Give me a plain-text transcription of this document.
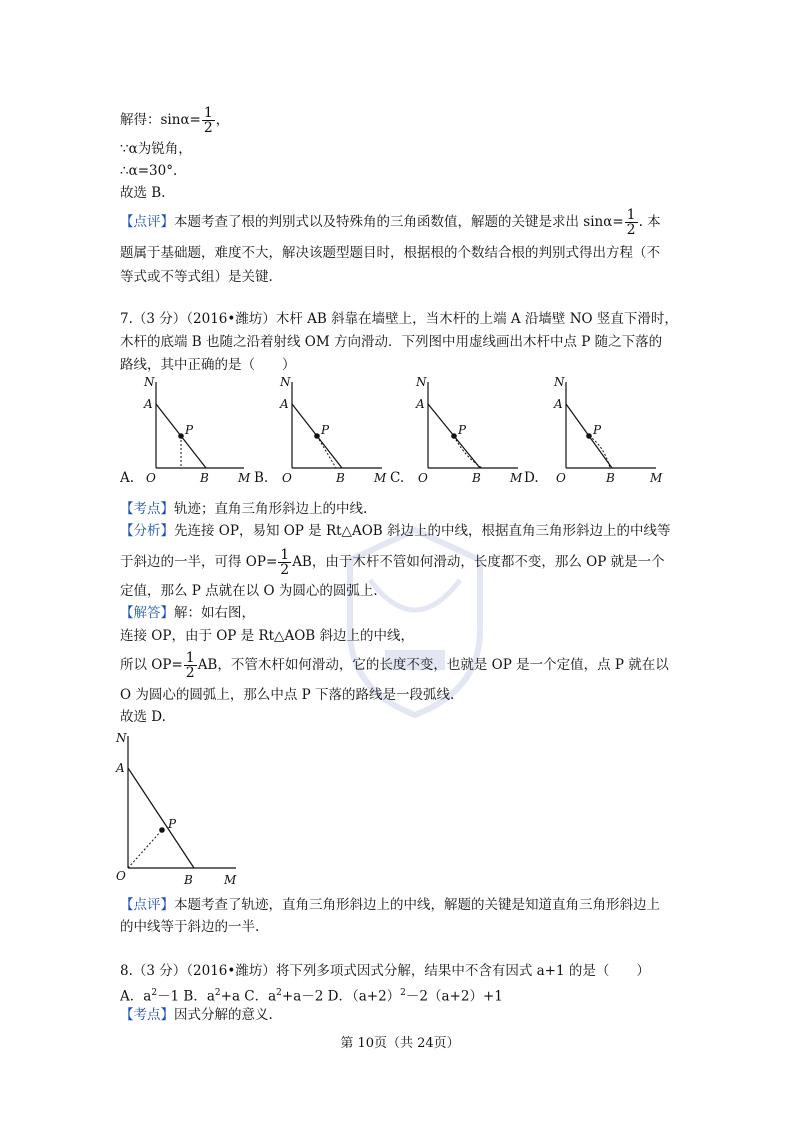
解得：$\sin\alpha= \frac{1}{2}$ ，
∵α为锐角，
∴α=30°.
故选 B.
【点评】本题考查了根的判别式以及特殊角的三角函数值，解题的关键是求出 $\sin\alpha= \frac{1}{2}$ . 本
题属于基础题，难度不大，解决该题型题目时，根据根的个数结合根的判别式得出方程（不
等式或不等式组）是关键.
7.（3 分）（2016•潍坊）木杆 AB 斜靠在墙壁上，当木杆的上端 A 沿墙壁 NO 竖直下滑时，
木杆的底端 B 也随之沿着射线 OM 方向滑动．下列图中用虚线画出木杆中点 P 随之下落的
路线，其中正确的是（　　）
N
A
P
O	B M
N
A
P
O	B M
N
A
P
O	B M
N
A
P
O	B	M
A.	B.	C.	D.
【考点】轨迹；直角三角形斜边上的中线.
【分析】先连接 OP，易知 OP 是 Rt△AOB 斜边上的中线，根据直角三角形斜边上的中线等
于斜边的一半，可得 $OP= \frac{1}{2}$ AB，由于木杆不管如何滑动，长度都不变，那么 OP 就是一个
定值，那么 P 点就在以 O 为圆心的圆弧上.
【解答】解：如右图，
连接 OP，由于 OP 是 Rt△AOB 斜边上的中线，
所以 $OP= \frac{1}{2}$ AB，不管木杆如何滑动，它的长度不变，也就是 OP 是一个定值，点 P 就在以
O 为圆心的圆弧上，那么中点 P 下落的路线是一段弧线.
故选 D.
N
A
P
O	B	M
【点评】本题考查了轨迹，直角三角形斜边上的中线，解题的关键是知道直角三角形斜边上
的中线等于斜边的一半.
8.（3 分）（2016•潍坊）将下列多项式因式分解，结果中不含有因式 a+1 的是（　　）
A．$a^2-1$ B．$a^2+a$ C．$a^2+a-2$ D．$(a+2)^2-2(a+2)+1$
【考点】因式分解的意义.
第 10页（共 24页）
